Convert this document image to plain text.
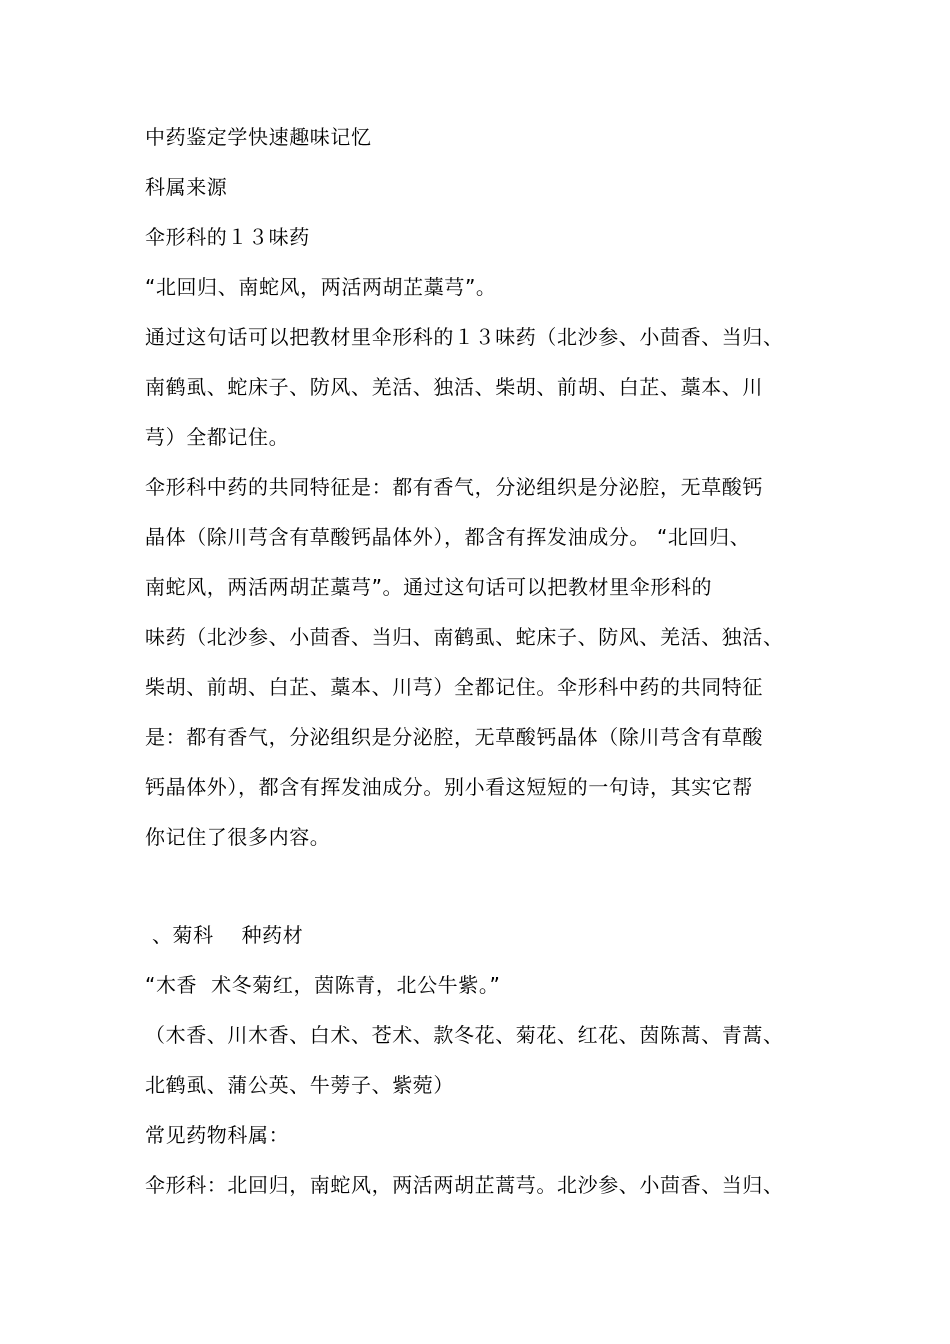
中药鉴定学快速趣味记忆
科属来源
伞形科的１３味药
“北回归、南蛇风，两活两胡芷藁芎”。
通过这句话可以把教材里伞形科的１３味药（北沙参、小茴香、当归、
南鹤虱、蛇床子、防风、羌活、独活、柴胡、前胡、白芷、藁本、川
芎）全都记住。
伞形科中药的共同特征是：都有香气，分泌组织是分泌腔，无草酸钙
晶体（除川芎含有草酸钙晶体外），都含有挥发油成分。 “北回归、
南蛇风，两活两胡芷藁芎”。通过这句话可以把教材里伞形科的
味药（北沙参、小茴香、当归、南鹤虱、蛇床子、防风、羌活、独活、
柴胡、前胡、白芷、藁本、川芎）全都记住。伞形科中药的共同特征
是：都有香气，分泌组织是分泌腔，无草酸钙晶体（除川芎含有草酸
钙晶体外），都含有挥发油成分。别小看这短短的一句诗，其实它帮
你记住了很多内容。
、菊科    种药材
“木香  术冬菊红，茵陈青，北公牛紫。”
（木香、川木香、白术、苍术、款冬花、菊花、红花、茵陈蒿、青蒿、
北鹤虱、蒲公英、牛蒡子、紫菀）
常见药物科属：
伞形科：北回归，南蛇风，两活两胡芷蒿芎。北沙参、小茴香、当归、
